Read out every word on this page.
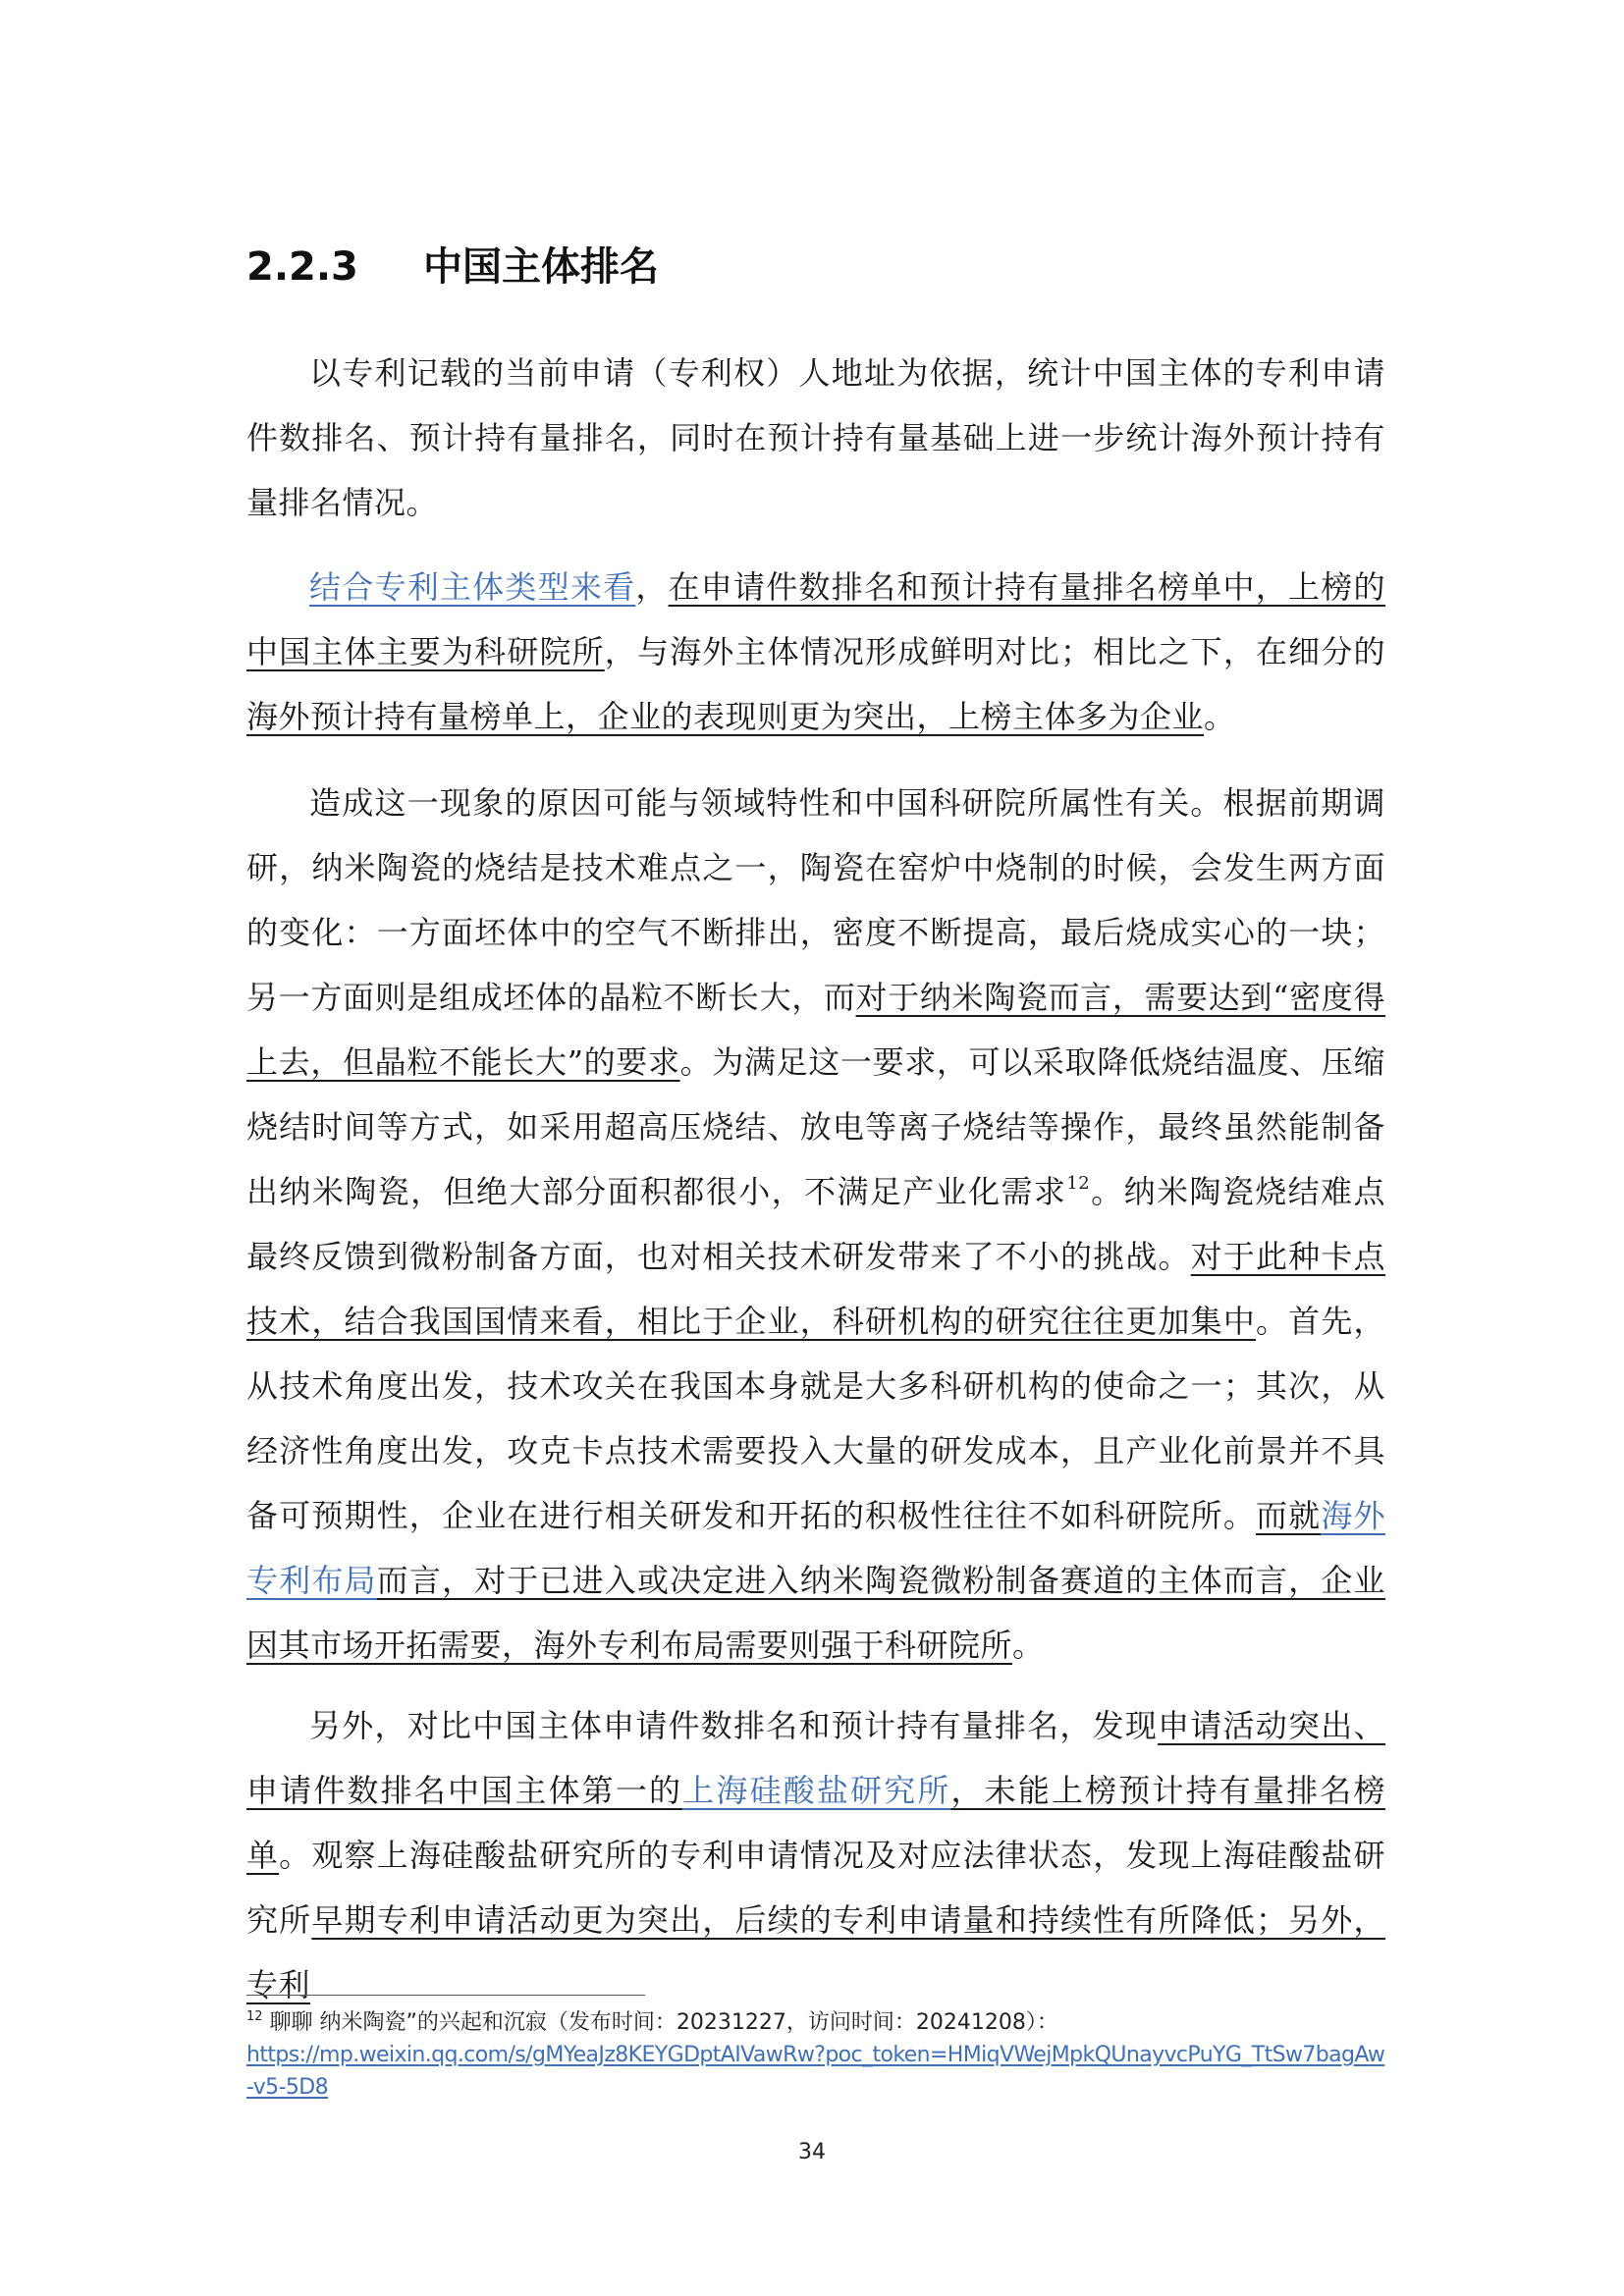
2.2.3 中国主体排名

以专利记载的当前申请（专利权）人地址为依据，统计中国主体的专利申请件数排名、预计持有量排名，同时在预计持有量基础上进一步统计海外预计持有量排名情况。

结合专利主体类型来看，在申请件数排名和预计持有量排名榜单中，上榜的中国主体主要为科研院所，与海外主体情况形成鲜明对比；相比之下，在细分的海外预计持有量榜单上，企业的表现则更为突出，上榜主体多为企业。

造成这一现象的原因可能与领域特性和中国科研院所属性有关。根据前期调研，纳米陶瓷的烧结是技术难点之一，陶瓷在窑炉中烧制的时候，会发生两方面的变化：一方面坯体中的空气不断排出，密度不断提高，最后烧成实心的一块；另一方面则是组成坯体的晶粒不断长大，而对于纳米陶瓷而言，需要达到“密度得上去，但晶粒不能长大”的要求。为满足这一要求，可以采取降低烧结温度、压缩烧结时间等方式，如采用超高压烧结、放电等离子烧结等操作，最终虽然能制备出纳米陶瓷，但绝大部分面积都很小，不满足产业化需求$^{12}$。纳米陶瓷烧结难点最终反馈到微粉制备方面，也对相关技术研发带来了不小的挑战。对于此种卡点技术，结合我国国情来看，相比于企业，科研机构的研究往往更加集中。首先，从技术角度出发，技术攻关在我国本身就是大多科研机构的使命之一；其次，从经济性角度出发，攻克卡点技术需要投入大量的研发成本，且产业化前景并不具备可预期性，企业在进行相关研发和开拓的积极性往往不如科研院所。而就海外专利布局而言，对于已进入或决定进入纳米陶瓷微粉制备赛道的主体而言，企业因其市场开拓需要，海外专利布局需要则强于科研院所。

另外，对比中国主体申请件数排名和预计持有量排名，发现申请活动突出、申请件数排名中国主体第一的上海硅酸盐研究所，未能上榜预计持有量排名榜单。观察上海硅酸盐研究所的专利申请情况及对应法律状态，发现上海硅酸盐研究所早期专利申请活动更为突出，后续的专利申请量和持续性有所降低；另外，专利

$^{12}$ 聊聊 纳米陶瓷”的兴起和沉寂（发布时间：20231227，访问时间：20241208）：
https://mp.weixin.qq.com/s/gMYeaJz8KEYGDptAIVawRw?poc_token=HMiqVWejMpkQUnayvcPuYG_TtSw7bagAw-v5-5D8
34
